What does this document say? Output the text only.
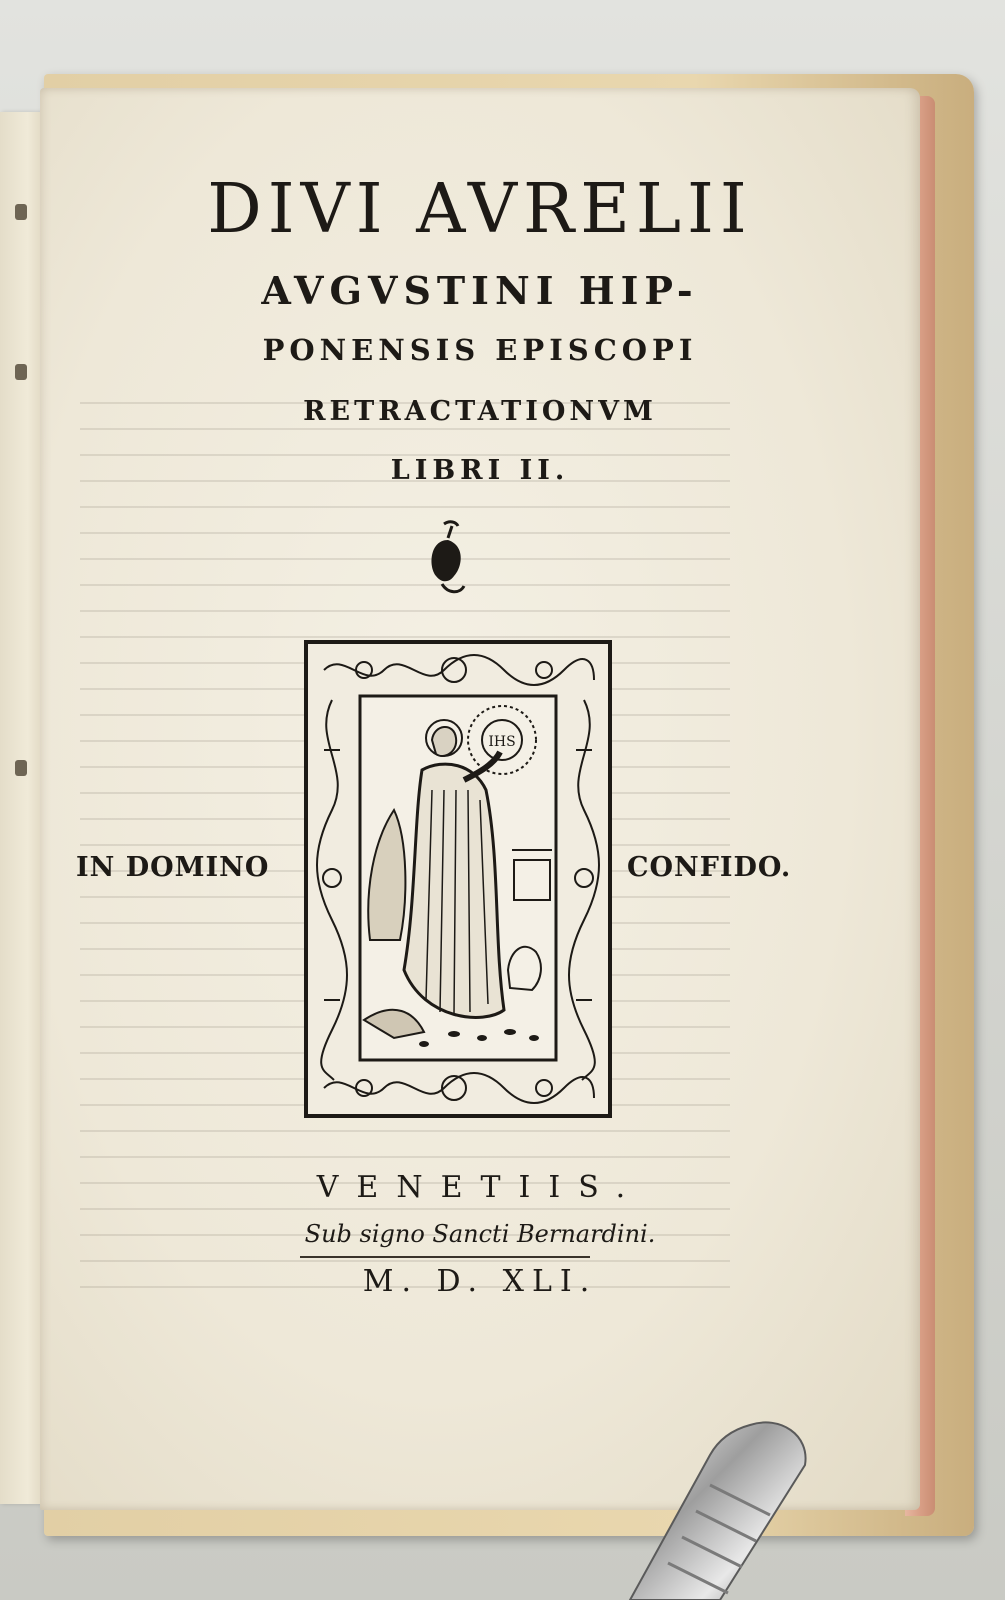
DIVI AVRELII
AVGVSTINI HIP-
PONENSIS EPISCOPI
RETRACTATIONVM
LIBRI II.
IHS

IN DOMINO	CONFIDO.

VENETIIS.

Sub signo Sancti Bernardini.

M. D. XLI.
